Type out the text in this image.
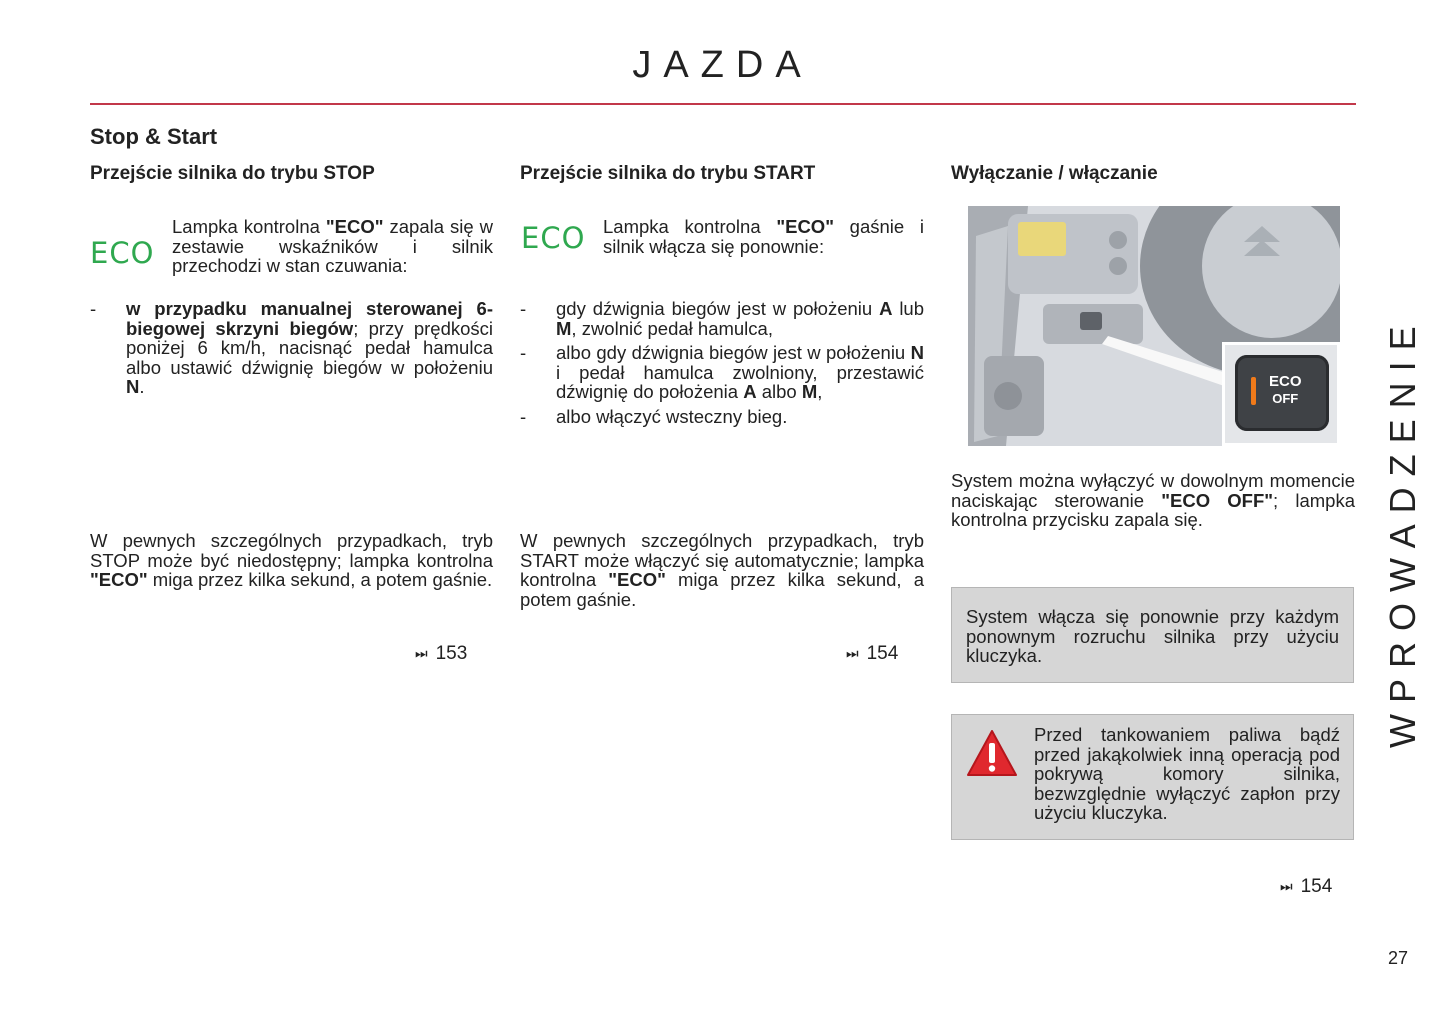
JAZDA
Stop & Start
Przejście silnika do trybu STOP
ECO
Lampka kontrolna "ECO" zapala się w zestawie wskaźników i silnik przechodzi w stan czuwania:
- w przypadku manualnej sterowanej 6-biegowej skrzyni biegów; przy prędkości poniżej 6 km/h, nacisnąć pedał hamulca albo ustawić dźwignię biegów w położeniu N.
W pewnych szczególnych przypadkach, tryb STOP może być niedostępny; lampka kontrolna "ECO" miga przez kilka sekund, a potem gaśnie.
⏭ 153
Przejście silnika do trybu START
ECO Lampka kontrolna "ECO" gaśnie i silnik włącza się ponownie:
- gdy dźwignia biegów jest w położeniu A lub M, zwolnić pedał hamulca,
- albo gdy dźwignia biegów jest w położeniu N i pedał hamulca zwolniony, przestawić dźwignię do położenia A albo M,
- albo włączyć wsteczny bieg.
W pewnych szczególnych przypadkach, tryb START może włączyć się automatycznie; lampka kontrolna "ECO" miga przez kilka sekund, a potem gaśnie.
⏭ 154
Wyłączanie / włączanie
ECO
OFF
System można wyłączyć w dowolnym momencie naciskając sterowanie "ECO OFF"; lampka kontrolna przycisku zapala się.
System włącza się ponownie przy każdym ponownym rozruchu silnika przy użyciu kluczyka.
Przed tankowaniem paliwa bądź przed jakąkolwiek inną operacją pod pokrywą komory silnika, bezwzględnie wyłączyć zapłon przy użyciu kluczyka.
⏭ 154
WPROWADZENIE
27
